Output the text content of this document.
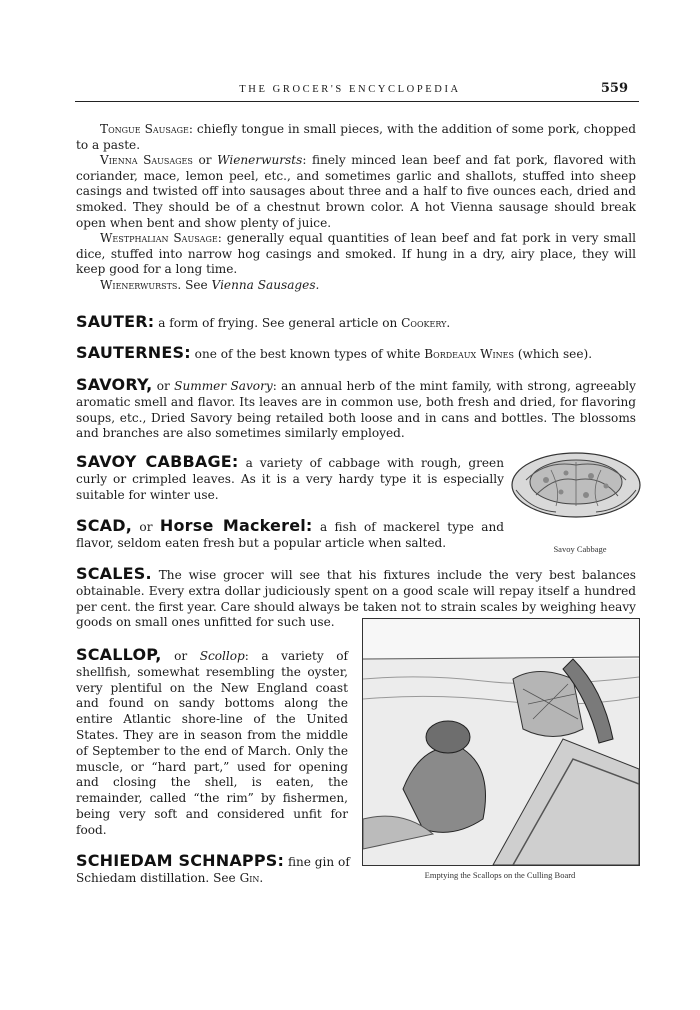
THE GROCER'S ENCYCLOPEDIA	559

Tongue Sausage: chiefly tongue in small pieces, with the addition of some pork, chopped to a paste.

Vienna Sausages or Wienerwursts: finely minced lean beef and fat pork, flavored with coriander, mace, lemon peel, etc., and sometimes garlic and shallots, stuffed into sheep casings and twisted off into sausages about three and a half to five ounces each, dried and smoked. They should be of a chestnut brown color. A hot Vienna sausage should break open when bent and show plenty of juice.

Westphalian Sausage: generally equal quantities of lean beef and fat pork in very small dice, stuffed into narrow hog casings and smoked. If hung in a dry, airy place, they will keep good for a long time.

Wienerwursts. See Vienna Sausages.

SAUTER: a form of frying. See general article on Cookery.
SAUTERNES: one of the best known types of white Bordeaux Wines (which see).
SAVORY, or Summer Savory: an annual herb of the mint family, with strong, agreeably aromatic smell and flavor. Its leaves are in common use, both fresh and dried, for flavoring soups, etc., Dried Savory being retailed both loose and in cans and bottles. The blossoms and branches are also sometimes similarly employed.
SAVOY CABBAGE: a variety of cabbage with rough, green curly or crimpled leaves. As it is a very hardy type it is especially suitable for winter use.
Savoy Cabbage
SCAD, or Horse Mackerel: a fish of mackerel type and flavor, seldom eaten fresh but a popular article when salted.
SCALES. The wise grocer will see that his fixtures include the very best balances obtainable. Every extra dollar judiciously spent on a good scale will repay itself a hundred per cent. the first year. Care should always be taken not to strain scales by weighing heavy goods on small ones unfitted for such use.
SCALLOP, or Scollop: a variety of shellfish, somewhat resembling the oyster, very plentiful on the New England coast and found on sandy bottoms along the entire Atlantic shore-line of the United States. They are in season from the middle of September to the end of March. Only the muscle, or “hard part,” used for opening and closing the shell, is eaten, the remainder, called “the rim” by fishermen, being very soft and considered unfit for food.
Emptying the Scallops on the Culling Board
SCHIEDAM SCHNAPPS: fine gin of Schiedam distillation. See Gin.
